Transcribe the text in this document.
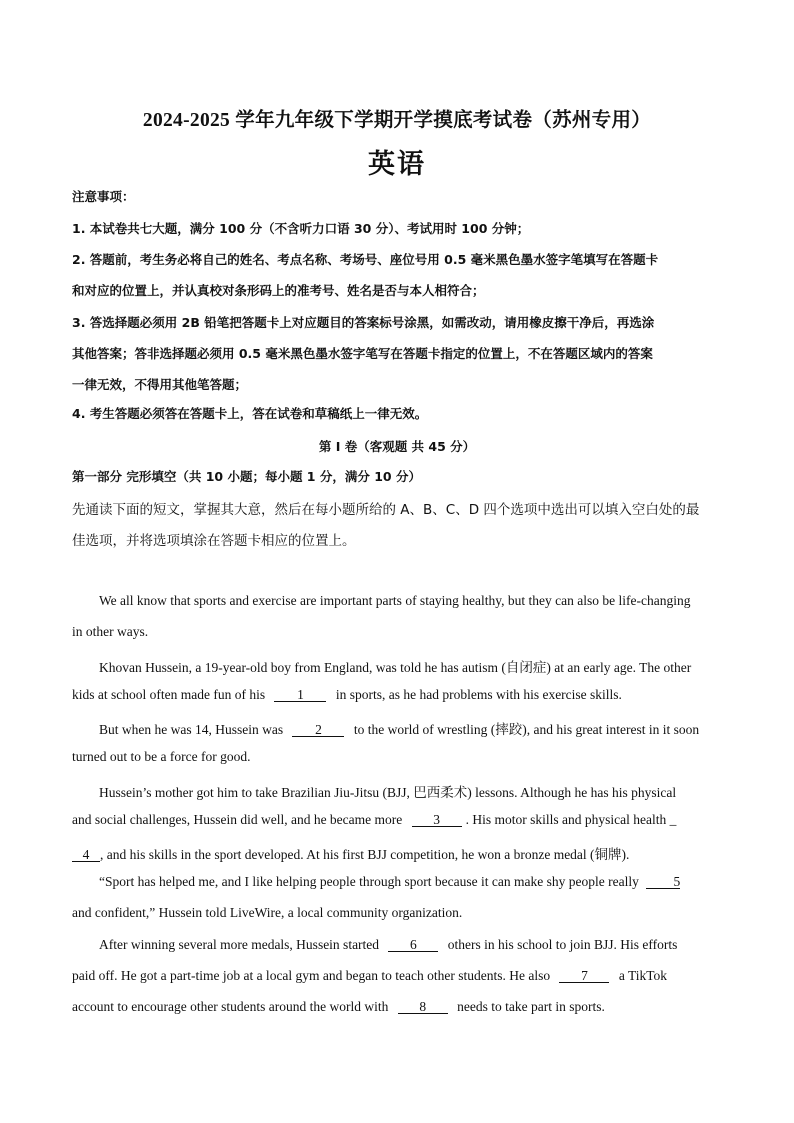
2024-2025 学年九年级下学期开学摸底考试卷（苏州专用）
英语
注意事项：
1. 本试卷共七大题，满分 100 分（不含听力口语 30 分）、考试用时 100 分钟；
2. 答题前，考生务必将自己的姓名、考点名称、考场号、座位号用 0.5 毫米黑色墨水签字笔填写在答题卡
和对应的位置上，并认真校对条形码上的准考号、姓名是否与本人相符合；
3. 答选择题必须用 2B 铅笔把答题卡上对应题目的答案标号涂黑，如需改动，请用橡皮擦干净后，再选涂
其他答案；答非选择题必须用 0.5 毫米黑色墨水签字笔写在答题卡指定的位置上，不在答题区域内的答案
一律无效，不得用其他笔答题；
4. 考生答题必须答在答题卡上，答在试卷和草稿纸上一律无效。
第 I 卷（客观题 共 45 分）
第一部分 完形填空（共 10 小题；每小题 1 分，满分 10 分）
先通读下面的短文，掌握其大意，然后在每小题所给的 A、B、C、D 四个选项中选出可以填入空白处的最
佳选项，并将选项填涂在答题卡相应的位置上。
We all know that sports and exercise are important parts of staying healthy, but they can also be life-changing
in other ways.
Khovan Hussein, a 19-year-old boy from England, was told he has autism (自闭症) at an early age. The other
kids at school often made fun of his 1 in sports, as he had problems with his exercise skills.
But when he was 14, Hussein was 2 to the world of wrestling (摔跤), and his great interest in it soon
turned out to be a force for good.
Hussein’s mother got him to take Brazilian Jiu-Jitsu (BJJ, 巴西柔术) lessons. Although he has his physical
and social challenges, Hussein did well, and he became more 3 . His motor skills and physical health _
4 , and his skills in the sport developed. At his first BJJ competition, he won a bronze medal (铜牌).
“Sport has helped me, and I like helping people through sport because it can make shy people really	5
and confident,” Hussein told LiveWire, a local community organization.
After winning several more medals, Hussein started 6 others in his school to join BJJ. His efforts
paid off. He got a part-time job at a local gym and began to teach other students. He also 7 a TikTok
account to encourage other students around the world with 8 needs to take part in sports.
